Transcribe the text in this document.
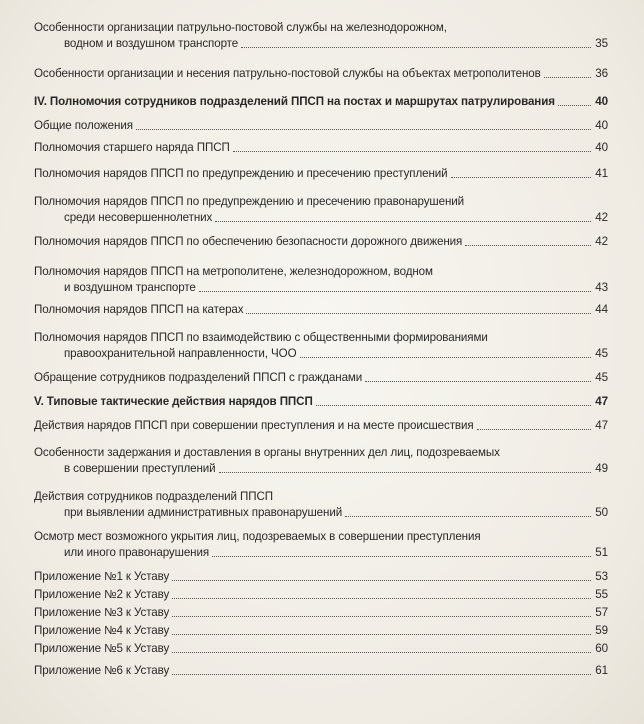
Особенности организации патрульно-постовой службы на железнодорожном,
водном и воздушном транспорте	35
Особенности организации и несения патрульно-постовой службы на объектах метрополитенов	36
IV. Полномочия сотрудников подразделений ППСП на постах и маршрутах патрулирования	40
Общие положения	40
Полномочия старшего наряда ППСП	40
Полномочия нарядов ППСП по предупреждению и пресечению преступлений	41
Полномочия нарядов ППСП по предупреждению и пресечению правонарушений
среди несовершеннолетних	42
Полномочия нарядов ППСП по обеспечению безопасности дорожного движения	42
Полномочия нарядов ППСП на метрополитене, железнодорожном, водном
и воздушном транспорте	43
Полномочия нарядов ППСП на катерах	44
Полномочия нарядов ППСП по взаимодействию с общественными формированиями
правоохранительной направленности, ЧОО	45
Обращение сотрудников подразделений ППСП с гражданами	45
V. Типовые тактические действия нарядов ППСП	47
Действия нарядов ППСП при совершении преступления и на месте происшествия	47
Особенности задержания и доставления в органы внутренних дел лиц, подозреваемых
в совершении преступлений	49
Действия сотрудников подразделений ППСП
при выявлении административных правонарушений	50
Осмотр мест возможного укрытия лиц, подозреваемых в совершении преступления
или иного правонарушения	51
Приложение №1 к Уставу	53
Приложение №2 к Уставу	55
Приложение №3 к Уставу	57
Приложение №4 к Уставу	59
Приложение №5 к Уставу	60
Приложение №6 к Уставу	61
